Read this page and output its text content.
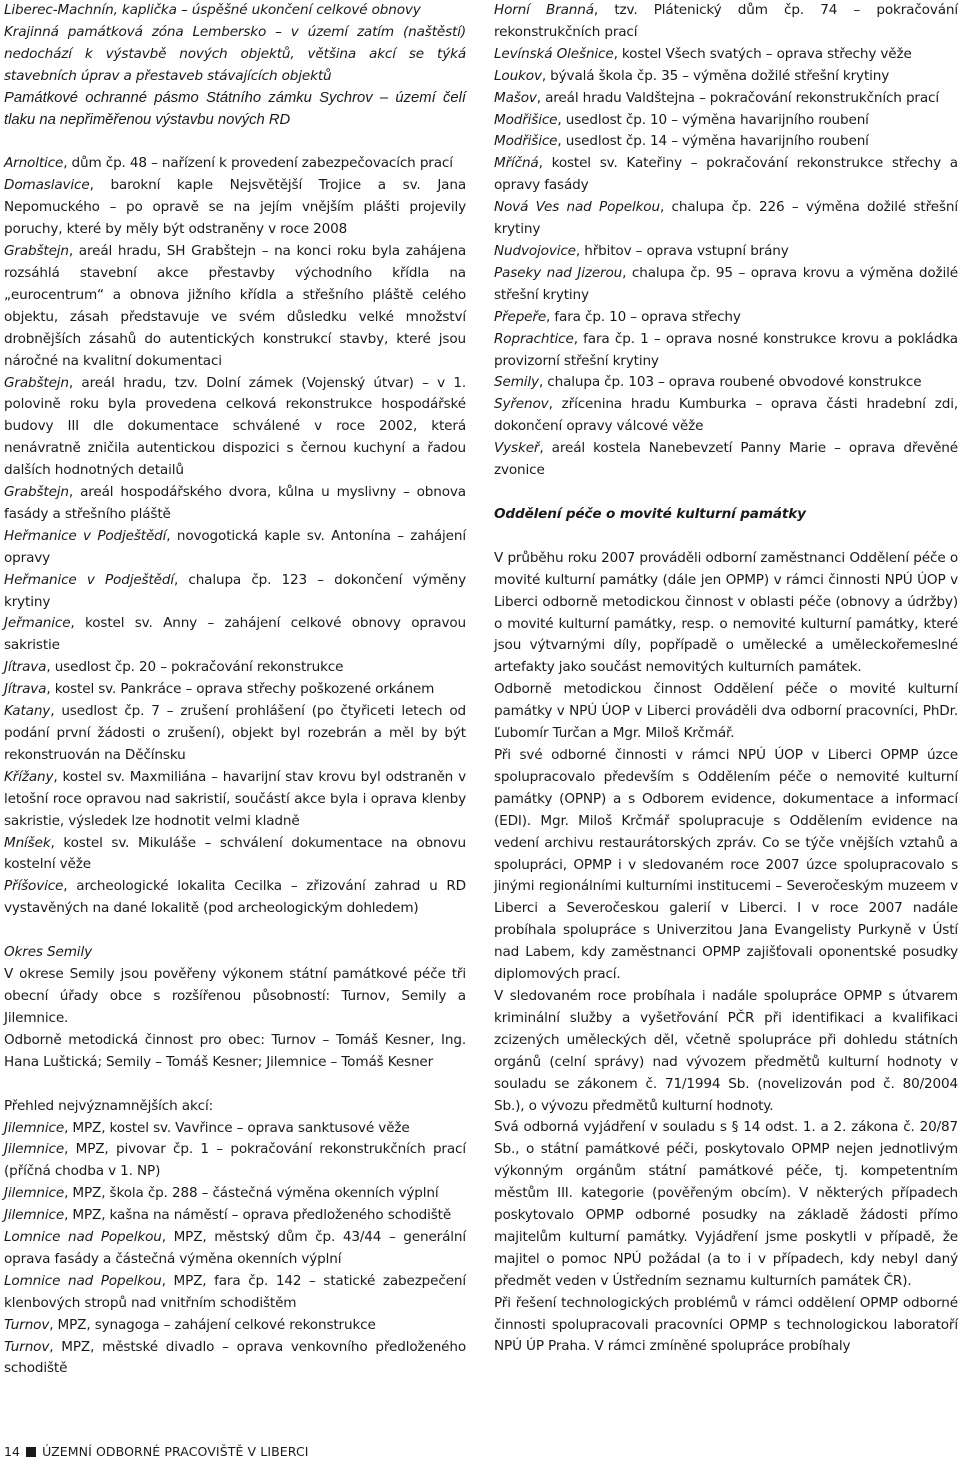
Liberec-Machnín, kaplička – úspěšné ukončení celkové obnovy

Krajinná památková zóna Lembersko – v území zatím (naštěstí) nedochází k výstavbě nových objektů, většina akcí se týká stavebních úprav a přestaveb stávajících objektů

Památkové ochranné pásmo Státního zámku Sychrov – území čelí tlaku na nepřiměřenou výstavbu nových RD

Arnoltice, dům čp. 48 – nařízení k provedení zabezpečovacích prací

Domaslavice, barokní kaple Nejsvětější Trojice a sv. Jana Nepomuckého – po opravě se na jejím vnějším plášti projevily poruchy, které by měly být odstraněny v roce 2008

Grabštejn, areál hradu, SH Grabštejn – na konci roku byla zahájena rozsáhlá stavební akce přestavby východního křídla na „eurocentrum“ a obnova jižního křídla a střešního pláště celého objektu, zásah představuje ve svém důsledku velké množství drobnějších zásahů do autentických konstrukcí stavby, které jsou náročné na kvalitní dokumentaci

Grabštejn, areál hradu, tzv. Dolní zámek (Vojenský útvar) – v 1. polovině roku byla provedena celková rekonstrukce hospodářské budovy III dle dokumentace schválené v roce 2002, která nenávratně zničila autentickou dispozici s černou kuchyní a řadou dalších hodnotných detailů

Grabštejn, areál hospodářského dvora, kůlna u myslivny – obnova fasády a střešního pláště

Heřmanice v Podještědí, novogotická kaple sv. Antonína – zahájení opravy

Heřmanice v Podještědí, chalupa čp. 123 – dokončení výměny krytiny

Jeřmanice, kostel sv. Anny – zahájení celkové obnovy opravou sakristie

Jítrava, usedlost čp. 20 – pokračování rekonstrukce

Jítrava, kostel sv. Pankráce – oprava střechy poškozené orkánem

Katany, usedlost čp. 7 – zrušení prohlášení (po čtyřiceti letech od podání první žádosti o zrušení), objekt byl rozebrán a měl by být rekonstruován na Děčínsku

Křížany, kostel sv. Maxmiliána – havarijní stav krovu byl odstraněn v letošní roce opravou nad sakristií, součástí akce byla i oprava klenby sakristie, výsledek lze hodnotit velmi kladně

Mníšek, kostel sv. Mikuláše – schválení dokumentace na obnovu kostelní věže

Příšovice, archeologické lokalita Cecilka – zřizování zahrad u RD vystavěných na dané lokalitě (pod archeologickým dohledem)

Okres Semily

V okrese Semily jsou pověřeny výkonem státní památkové péče tři obecní úřady obce s rozšířenou působností: Turnov, Semily a Jilemnice.

Odborně metodická činnost pro obec: Turnov – Tomáš Kesner, Ing. Hana Luštická; Semily – Tomáš Kesner; Jilemnice – Tomáš Kesner

Přehled nejvýznamnějších akcí:

Jilemnice, MPZ, kostel sv. Vavřince – oprava sanktusové věže

Jilemnice, MPZ, pivovar čp. 1 – pokračování rekonstrukčních prací (příčná chodba v 1. NP)

Jilemnice, MPZ, škola čp. 288 – částečná výměna okenních výplní

Jilemnice, MPZ, kašna na náměstí – oprava předloženého schodiště

Lomnice nad Popelkou, MPZ, městský dům čp. 43/44 – generální oprava fasády a částečná výměna okenních výplní

Lomnice nad Popelkou, MPZ, fara čp. 142 – statické zabezpečení klenbových stropů nad vnitřním schodištěm

Turnov, MPZ, synagoga – zahájení celkové rekonstrukce

Turnov, MPZ, městské divadlo – oprava venkovního předloženého schodiště

Horní Branná, tzv. Plátenický dům čp. 74 – pokračování rekonstrukčních prací

Levínská Olešnice, kostel Všech svatých – oprava střechy věže

Loukov, bývalá škola čp. 35 – výměna dožilé střešní krytiny

Mašov, areál hradu Valdštejna – pokračování rekonstrukčních prací

Modřišice, usedlost čp. 10 – výměna havarijního roubení

Modřišice, usedlost čp. 14 – výměna havarijního roubení

Mříčná, kostel sv. Kateřiny – pokračování rekonstrukce střechy a opravy fasády

Nová Ves nad Popelkou, chalupa čp. 226 – výměna dožilé střešní krytiny

Nudvojovice, hřbitov – oprava vstupní brány

Paseky nad Jizerou, chalupa čp. 95 – oprava krovu a výměna dožilé střešní krytiny

Přepeře, fara čp. 10 – oprava střechy

Roprachtice, fara čp. 1 – oprava nosné konstrukce krovu a pokládka provizorní střešní krytiny

Semily, chalupa čp. 103 – oprava roubené obvodové konstrukce

Syřenov, zřícenina hradu Kumburka – oprava části hradební zdi, dokončení opravy válcové věže

Vyskeř, areál kostela Nanebevzetí Panny Marie – oprava dřevěné zvonice

Oddělení péče o movité kulturní památky

V průběhu roku 2007 prováděli odborní zaměstnanci Oddělení péče o movité kulturní památky (dále jen OPMP) v rámci činnosti NPÚ ÚOP v Liberci odborně metodickou činnost v oblasti péče (obnovy a údržby) o movité kulturní památky, resp. o nemovité kulturní památky, které jsou výtvarnými díly, popřípadě o umělecké a uměleckořemeslné artefakty jako součást nemovitých kulturních památek.

Odborně metodickou činnost Oddělení péče o movité kulturní památky v NPÚ ÚOP v Liberci prováděli dva odborní pracovníci, PhDr. Ľubomír Turčan a Mgr. Miloš Krčmář.

Při své odborné činnosti v rámci NPÚ ÚOP v Liberci OPMP úzce spolupracovalo především s Oddělením péče o nemovité kulturní památky (OPNP) a s Odborem evidence, dokumentace a informací (EDI). Mgr. Miloš Krčmář spolupracuje s Oddělením evidence na vedení archivu restaurátorských zpráv. Co se týče vnějších vztahů a spolupráci, OPMP i v sledovaném roce 2007 úzce spolupracovalo s jinými regionálními kulturními institucemi – Severočeským muzeem v Liberci a Severočeskou galerií v Liberci. I v roce 2007 nadále probíhala spolupráce s Univerzitou Jana Evangelisty Purkyně v Ústí nad Labem, kdy zaměstnanci OPMP zajišťovali oponentské posudky diplomových prací.

V sledovaném roce probíhala i nadále spolupráce OPMP s útvarem kriminální služby a vyšetřování PČR při identifikaci a kvalifikaci zcizených uměleckých děl, včetně spolupráce při dohledu státních orgánů (celní správy) nad vývozem předmětů kulturní hodnoty v souladu se zákonem č. 71/1994 Sb. (novelizován pod č. 80/2004 Sb.), o vývozu předmětů kulturní hodnoty.

Svá odborná vyjádření v souladu s § 14 odst. 1. a 2. zákona č. 20/87 Sb., o státní památkové péči, poskytovalo OPMP nejen jednotlivým výkonným orgánům státní památkové péče, tj. kompetentním městům III. kategorie (pověřeným obcím). V některých případech poskytovalo OPMP odborné posudky na základě žádosti přímo majitelům kulturní památky. Vyjádření jsme poskytli v případě, že majitel o pomoc NPÚ požádal (a to i v případech, kdy nebyl daný předmět veden v Ústředním seznamu kulturních památek ČR).

Při řešení technologických problémů v rámci oddělení OPMP odborné činnosti spolupracovali pracovníci OPMP s technologickou laboratoří NPÚ ÚP Praha. V rámci zmíněné spolupráce probíhaly

14 ÚZEMNÍ ODBORNÉ PRACOVIŠTĚ V LIBERCI
